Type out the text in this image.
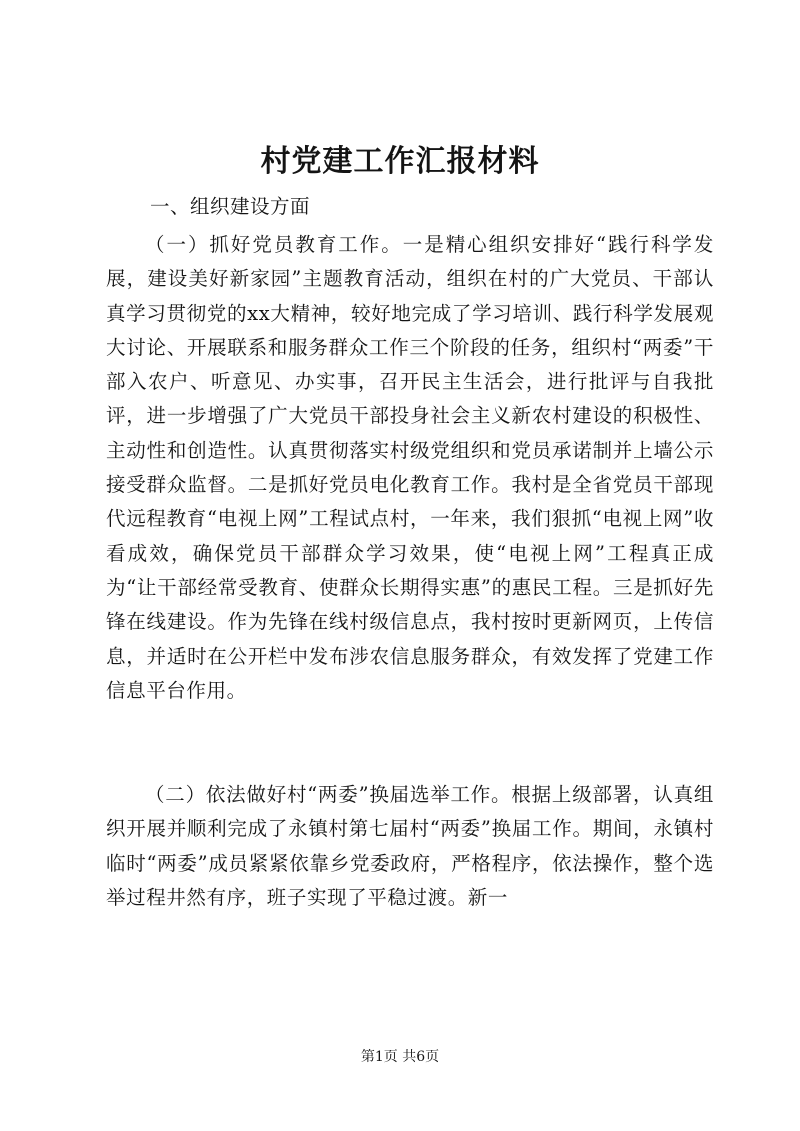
村党建工作汇报材料
一、组织建设方面

（一）抓好党员教育工作。一是精心组织安排好“践行科学发展，建设美好新家园”主题教育活动，组织在村的广大党员、干部认真学习贯彻党的xx大精神，较好地完成了学习培训、践行科学发展观大讨论、开展联系和服务群众工作三个阶段的任务，组织村“两委”干部入农户、听意见、办实事，召开民主生活会，进行批评与自我批评，进一步增强了广大党员干部投身社会主义新农村建设的积极性、主动性和创造性。认真贯彻落实村级党组织和党员承诺制并上墙公示接受群众监督。二是抓好党员电化教育工作。我村是全省党员干部现代远程教育“电视上网”工程试点村，一年来，我们狠抓“电视上网”收看成效，确保党员干部群众学习效果，使“电视上网”工程真正成为“让干部经常受教育、使群众长期得实惠”的惠民工程。三是抓好先锋在线建设。作为先锋在线村级信息点，我村按时更新网页，上传信息，并适时在公开栏中发布涉农信息服务群众，有效发挥了党建工作信息平台作用。

（二）依法做好村“两委”换届选举工作。根据上级部署，认真组织开展并顺利完成了永镇村第七届村“两委”换届工作。期间，永镇村临时“两委”成员紧紧依靠乡党委政府，严格程序，依法操作，整个选举过程井然有序，班子实现了平稳过渡。新一

第1页 共6页
